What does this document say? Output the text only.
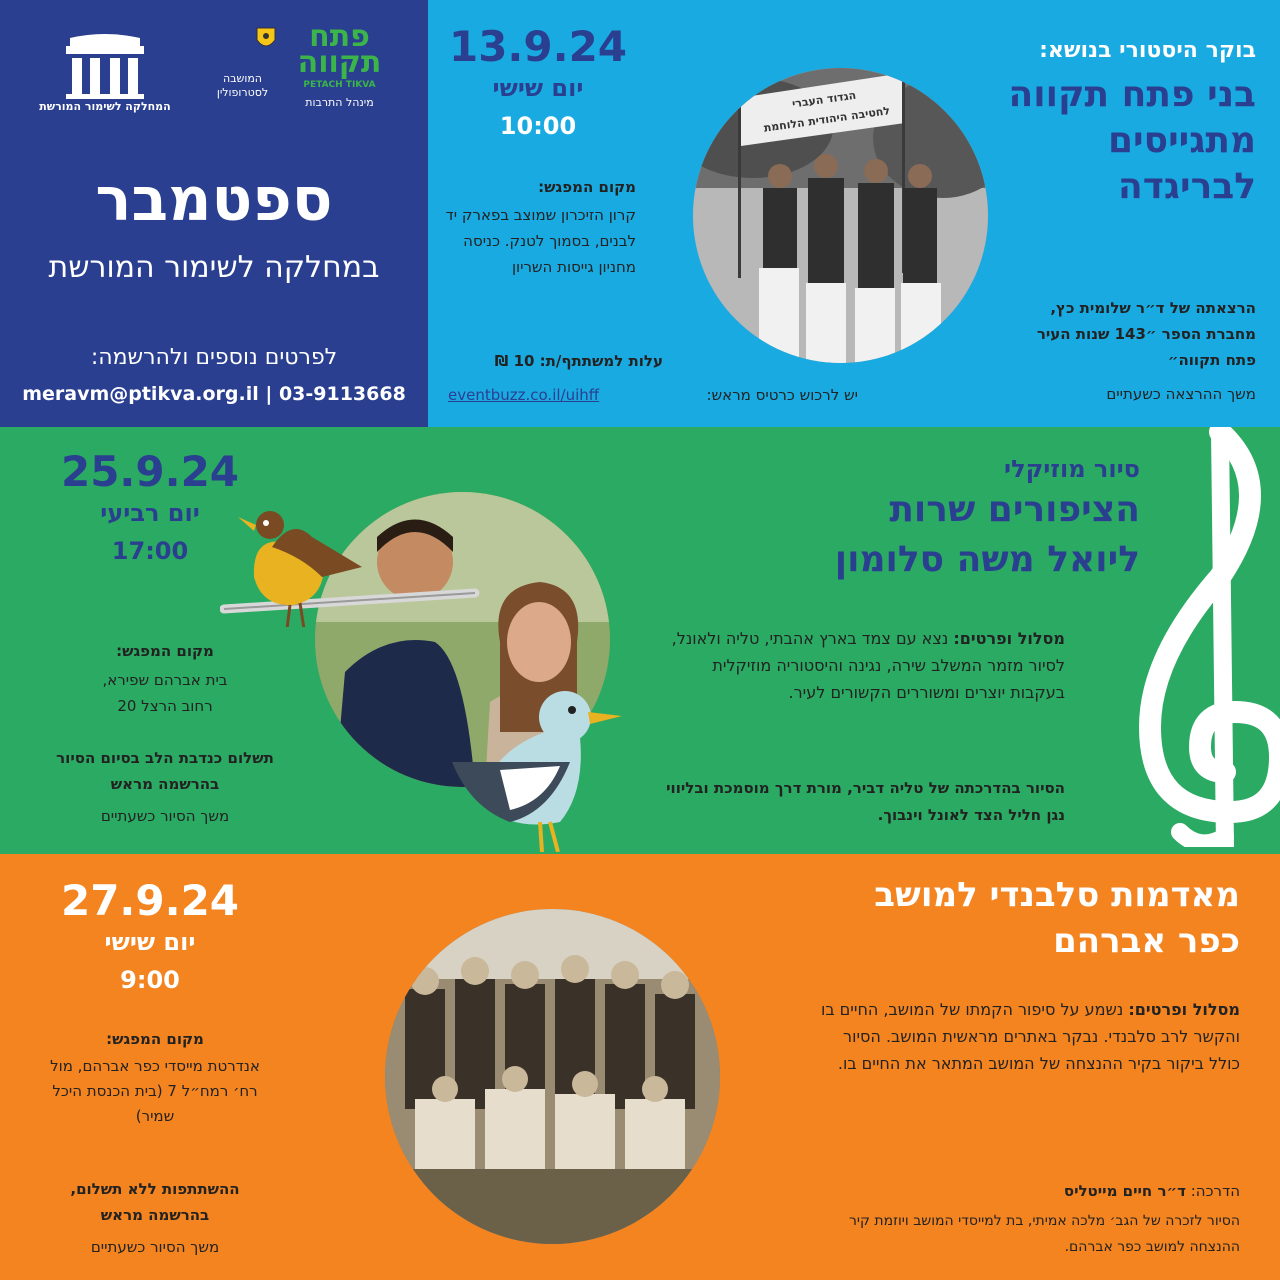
המחלקה לשימור המורשת
המושבה
לסטרופולין
פתח
תקווה
PETACH TIKVA
מינהל התרבות
ספטמבר
במחלקה לשימור המורשת
לפרטים נוספים ולהרשמה:
meravm@ptikva.org.il | 03-9113668
13.9.24
יום שישי
10:00
מקום המפגש:
קרון הזיכרון שמוצב בפארק יד לבנים, בסמוך לטנק. כניסה מחניון גייסות השריון
עלות למשתתף/ת: 10 ₪
יש לרכוש כרטיס מראש:
eventbuzz.co.il/uihff
הגדוד העברי
לחטיבה היהודית הלוחמת
בוקר היסטורי בנושא:
בני פתח תקווה
מתגייסים
לבריגדה
הרצאתה של ד״ר שלומית כץ,
מחברת הספר ״143 שנות העיר
פתח תקווה״
משך ההרצאה כשעתיים
25.9.24
יום רביעי
17:00
מקום המפגש:
בית אברהם שפירא,
רחוב הרצל 20
תשלום כנדבת הלב בסיום הסיור
בהרשמה מראש
משך הסיור כשעתיים
סיור מוזיקלי
הציפורים שרות
ליואל משה סלומון
מסלול ופרטים: נצא עם צמד בארץ אהבתי, טליה ולאונל, לסיור מזמר המשלב שירה, נגינה והיסטוריה מוזיקלית בעקבות יוצרים ומשוררים הקשורים לעיר.
הסיור בהדרכתה של טליה דביר, מורת דרך מוסמכת ובליווי נגן חליל הצד לאונל וינבוך.
27.9.24
יום שישי
9:00
מקום המפגש:
אנדרטת מייסדי כפר אברהם, מול רח׳ רמח״ל 7 (בית הכנסת היכל שמיר)
ההשתתפות ללא תשלום,
בהרשמה מראש
משך הסיור כשעתיים
מאדמות סלבנדי למושב
כפר אברהם
מסלול ופרטים: נשמע על סיפור הקמתו של המושב, החיים בו והקשר לרב סלבנדי. נבקר באתרים מראשית המושב. הסיור כולל ביקור בקיר ההנצחה של המושב המתאר את החיים בו.
הדרכה: ד״ר חיים מייטליס
הסיור לזכרה של הגב׳ מלכה אמיתי, בת למייסדי המושב ויוזמת קיר ההנצחה למושב כפר אברהם.
